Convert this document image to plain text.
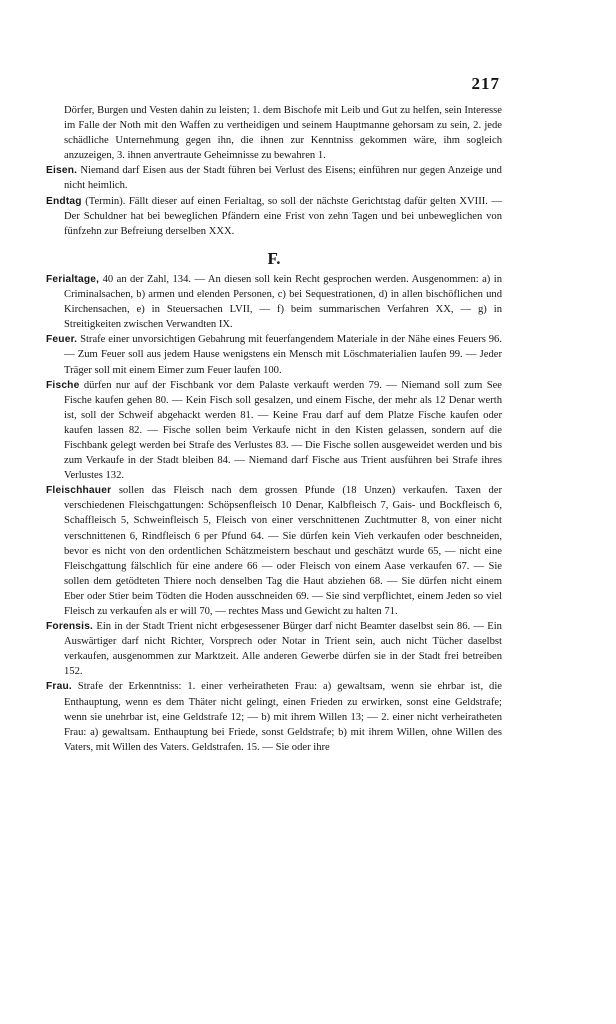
217

Dörfer, Burgen und Vesten dahin zu leisten; 1. dem Bischofe mit Leib und Gut zu helfen, sein Interesse im Falle der Noth mit den Waffen zu vertheidigen und seinem Hauptmanne gehorsam zu sein, 2. jede schädliche Unternehmung gegen ihn, die ihnen zur Kenntniss gekommen wäre, ihm sogleich anzuzeigen, 3. ihnen anvertraute Geheimnisse zu bewahren 1.

Eisen. Niemand darf Eisen aus der Stadt führen bei Verlust des Eisens; einführen nur gegen Anzeige und nicht heimlich.

Endtag (Termin). Fällt dieser auf einen Ferialtag, so soll der nächste Gerichtstag dafür gelten XVIII. — Der Schuldner hat bei beweglichen Pfändern eine Frist von zehn Tagen und bei unbeweglichen von fünfzehn zur Befreiung derselben XXX.

F.

Ferialtage, 40 an der Zahl, 134. — An diesen soll kein Recht gesprochen werden. Ausgenommen: a) in Criminalsachen, b) armen und elenden Personen, c) bei Sequestrationen, d) in allen bischöflichen und Kirchensachen, e) in Steuersachen LVII, — f) beim summarischen Verfahren XX, — g) in Streitigkeiten zwischen Verwandten IX.

Feuer. Strafe einer unvorsichtigen Gebahrung mit feuerfangendem Materiale in der Nähe eines Feuers 96. — Zum Feuer soll aus jedem Hause wenigstens ein Mensch mit Löschmaterialien laufen 99. — Jeder Träger soll mit einem Eimer zum Feuer laufen 100.

Fische dürfen nur auf der Fischbank vor dem Palaste verkauft werden 79. — Niemand soll zum See Fische kaufen gehen 80. — Kein Fisch soll gesalzen, und einem Fische, der mehr als 12 Denar werth ist, soll der Schweif abgehackt werden 81. — Keine Frau darf auf dem Platze Fische kaufen oder kaufen lassen 82. — Fische sollen beim Verkaufe nicht in den Kisten gelassen, sondern auf die Fischbank gelegt werden bei Strafe des Verlustes 83. — Die Fische sollen ausgeweidet werden und bis zum Verkaufe in der Stadt bleiben 84. — Niemand darf Fische aus Trient ausführen bei Strafe ihres Verlustes 132.

Fleischhauer sollen das Fleisch nach dem grossen Pfunde (18 Unzen) verkaufen. Taxen der verschiedenen Fleischgattungen: Schöpsenfleisch 10 Denar, Kalbfleisch 7, Gais- und Bockfleisch 6, Schaffleisch 5, Schweinfleisch 5, Fleisch von einer verschnittenen Zuchtmutter 8, von einer nicht verschnittenen 6, Rindfleisch 6 per Pfund 64. — Sie dürfen kein Vieh verkaufen oder beschneiden, bevor es nicht von den ordentlichen Schätzmeistern beschaut und geschätzt wurde 65, — nicht eine Fleischgattung fälschlich für eine andere 66 — oder Fleisch von einem Aase verkaufen 67. — Sie sollen dem getödteten Thiere noch denselben Tag die Haut abziehen 68. — Sie dürfen nicht einem Eber oder Stier beim Tödten die Hoden ausschneiden 69. — Sie sind verpflichtet, einem Jeden so viel Fleisch zu verkaufen als er will 70, — rechtes Mass und Gewicht zu halten 71.

Forensis. Ein in der Stadt Trient nicht erbgesessener Bürger darf nicht Beamter daselbst sein 86. — Ein Auswärtiger darf nicht Richter, Vorsprech oder Notar in Trient sein, auch nicht Tücher daselbst verkaufen, ausgenommen zur Marktzeit. Alle anderen Gewerbe dürfen sie in der Stadt frei betreiben 152.

Frau. Strafe der Erkenntniss: 1. einer verheiratheten Frau: a) gewaltsam, wenn sie ehrbar ist, die Enthauptung, wenn es dem Thäter nicht gelingt, einen Frieden zu erwirken, sonst eine Geldstrafe; wenn sie unehrbar ist, eine Geldstrafe 12; — b) mit ihrem Willen 13; — 2. einer nicht verheiratheten Frau: a) gewaltsam. Enthauptung bei Friede, sonst Geldstrafe; b) mit ihrem Willen, ohne Willen des Vaters, mit Willen des Vaters. Geldstrafen. 15. — Sie oder ihre
